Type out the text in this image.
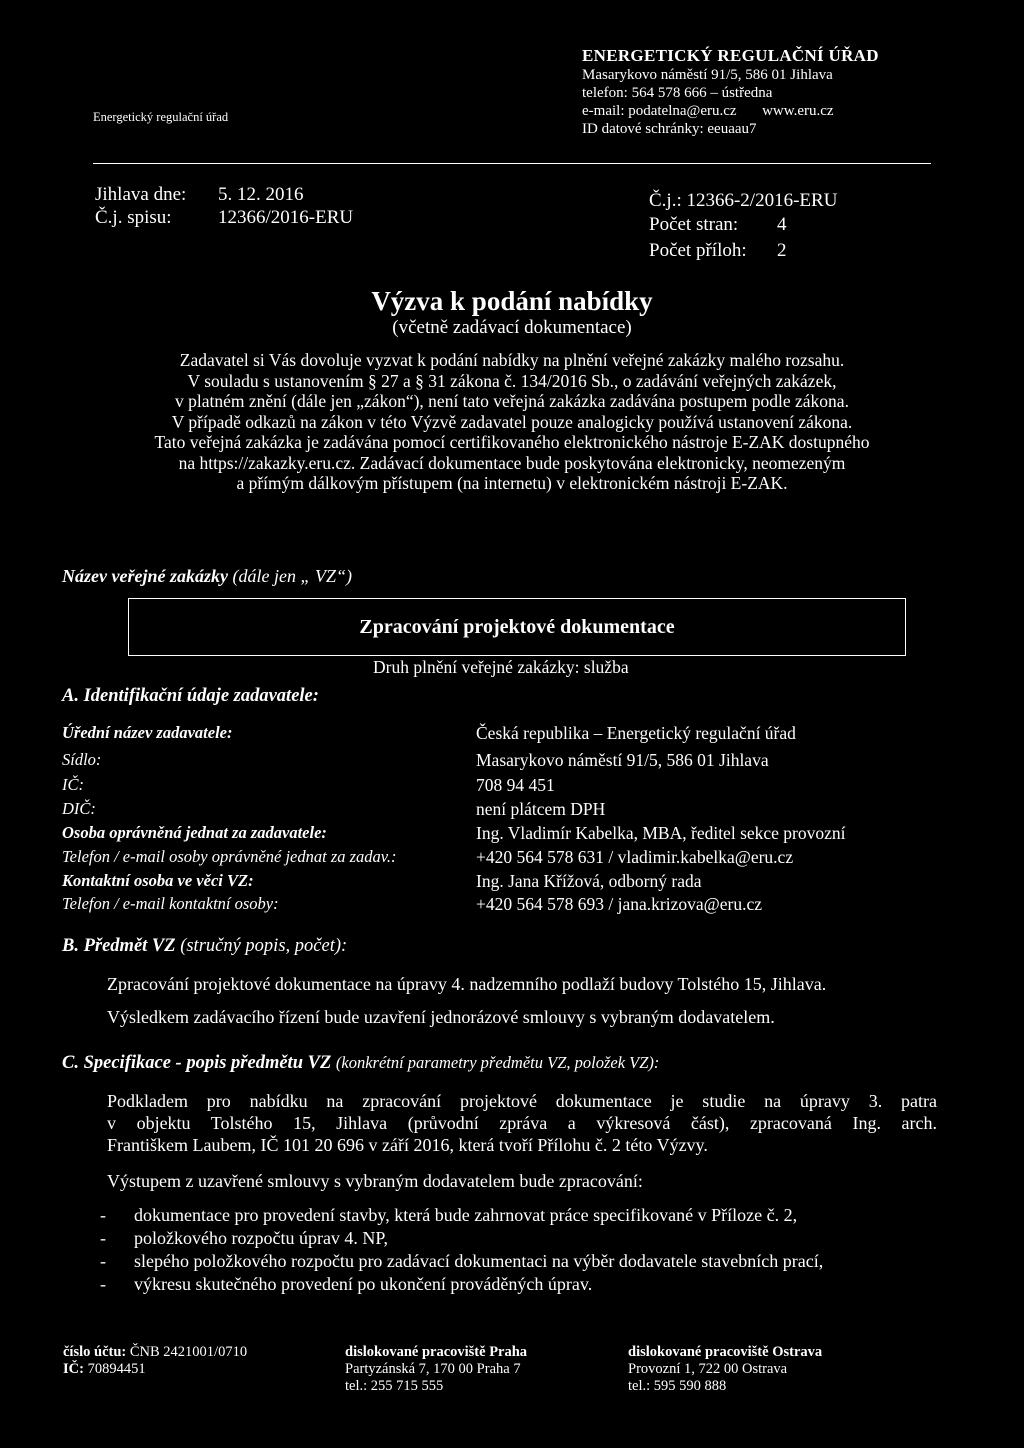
Energetický regulační úřad
ENERGETICKÝ REGULAČNÍ ÚŘAD
Masarykovo náměstí 91/5, 586 01 Jihlava
telefon: 564 578 666 – ústředna
e-mail: podatelna@eru.cz www.eru.cz
ID datové schránky: eeuaau7
Jihlava dne: 5. 12. 2016
Č.j. spisu: 12366/2016-ERU
Č.j.: 12366-2/2016-ERU
Počet stran: 4
Počet příloh: 2
Výzva k podání nabídky
(včetně zadávací dokumentace)

Zadavatel si Vás dovoluje vyzvat k podání nabídky na plnění veřejné zakázky malého rozsahu.

V souladu s ustanovením § 27 a § 31 zákona č. 134/2016 Sb., o zadávání veřejných zakázek,

v platném znění (dále jen „zákon“), není tato veřejná zakázka zadávána postupem podle zákona.

V případě odkazů na zákon v této Výzvě zadavatel pouze analogicky používá ustanovení zákona.

Tato veřejná zakázka je zadávána pomocí certifikovaného elektronického nástroje E-ZAK dostupného

na https://zakazky.eru.cz. Zadávací dokumentace bude poskytována elektronicky, neomezeným

a přímým dálkovým přístupem (na internetu) v elektronickém nástroji E-ZAK.

Název veřejné zakázky (dále jen „ VZ“)
Zpracování projektové dokumentace
Druh plnění veřejné zakázky: služba
A. Identifikační údaje zadavatele:
Úřední název zadavatele:	Česká republika – Energetický regulační úřad
Sídlo:	Masarykovo náměstí 91/5, 586 01 Jihlava
IČ:	708 94 451
DIČ:	není plátcem DPH
Osoba oprávněná jednat za zadavatele:	Ing. Vladimír Kabelka, MBA, ředitel sekce provozní
Telefon / e-mail osoby oprávněné jednat za zadav.:	+420 564 578 631 / vladimir.kabelka@eru.cz
Kontaktní osoba ve věci VZ:	Ing. Jana Křížová, odborný rada
Telefon / e-mail kontaktní osoby:	+420 564 578 693 / jana.krizova@eru.cz
B. Předmět VZ (stručný popis, počet):
Zpracování projektové dokumentace na úpravy 4. nadzemního podlaží budovy Tolstého 15, Jihlava.
Výsledkem zadávacího řízení bude uzavření jednorázové smlouvy s vybraným dodavatelem.
C. Specifikace - popis předmětu VZ (konkrétní parametry předmětu VZ, položek VZ):
Podkladem pro nabídku na zpracování projektové dokumentace je studie na úpravy 3. patra
v objektu Tolstého 15, Jihlava (průvodní zpráva a výkresová část), zpracovaná Ing. arch.
Františkem Laubem, IČ 101 20 696 v září 2016, která tvoří Přílohu č. 2 této Výzvy.
Výstupem z uzavřené smlouvy s vybraným dodavatelem bude zpracování:
- dokumentace pro provedení stavby, která bude zahrnovat práce specifikované v Příloze č. 2,
- položkového rozpočtu úprav 4. NP,
- slepého položkového rozpočtu pro zadávací dokumentaci na výběr dodavatele stavebních prací,
- výkresu skutečného provedení po ukončení prováděných úprav.
číslo účtu: ČNB 2421001/0710
IČ: 70894451
dislokované pracoviště Praha
Partyzánská 7, 170 00 Praha 7
tel.: 255 715 555
dislokované pracoviště Ostrava
Provozní 1, 722 00 Ostrava
tel.: 595 590 888
